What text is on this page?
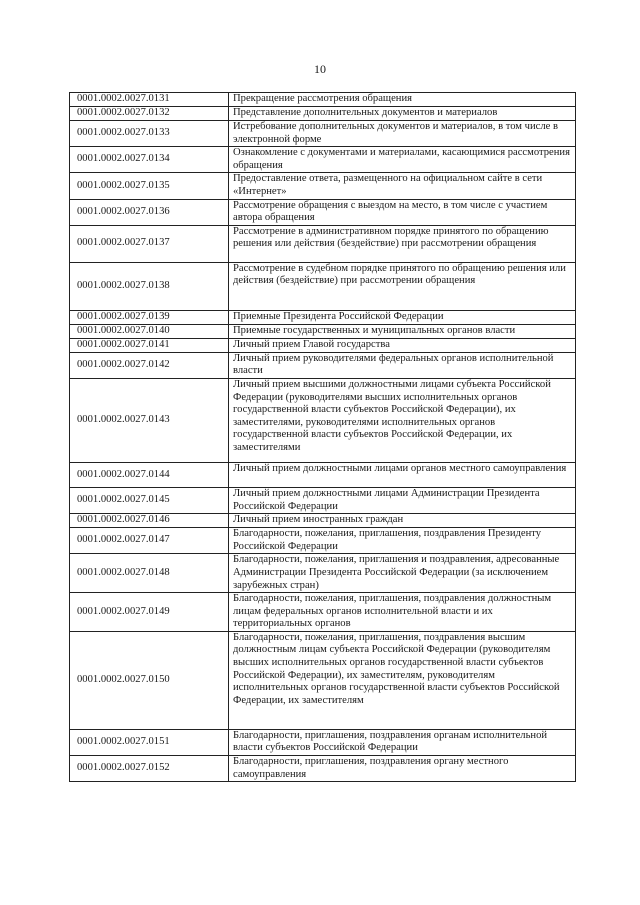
10
0001.0002.0027.0131	Прекращение рассмотрения обращения
0001.0002.0027.0132	Представление дополнительных документов и материалов
0001.0002.0027.0133	Истребование дополнительных документов и материалов, в том числе в электронной форме
0001.0002.0027.0134	Ознакомление с документами и материалами, касающимися рассмотрения обращения
0001.0002.0027.0135	Предоставление ответа, размещенного на официальном сайте в сети «Интернет»
0001.0002.0027.0136	Рассмотрение обращения с выездом на место, в том числе с участием автора обращения
0001.0002.0027.0137	Рассмотрение в административном порядке принятого по обращению решения или действия (бездействие) при рассмотрении обращения
0001.0002.0027.0138	Рассмотрение в судебном порядке принятого по обращению решения или действия (бездействие) при рассмотрении обращения
0001.0002.0027.0139	Приемные Президента Российской Федерации
0001.0002.0027.0140	Приемные государственных и муниципальных органов власти
0001.0002.0027.0141	Личный прием Главой государства
0001.0002.0027.0142	Личный прием руководителями федеральных органов исполнительной власти
0001.0002.0027.0143	Личный прием высшими должностными лицами субъекта Российской Федерации (руководителями высших исполнительных органов государственной власти субъектов Российской Федерации), их заместителями, руководителями исполнительных органов государственной власти субъектов Российской Федерации, их заместителями
0001.0002.0027.0144	Личный прием должностными лицами органов местного самоуправления
0001.0002.0027.0145	Личный прием должностными лицами Администрации Президента Российской Федерации
0001.0002.0027.0146	Личный прием иностранных граждан
0001.0002.0027.0147	Благодарности, пожелания, приглашения, поздравления Президенту Российской Федерации
0001.0002.0027.0148	Благодарности, пожелания, приглашения и поздравления, адресованные Администрации Президента Российской Федерации (за исключением зарубежных стран)
0001.0002.0027.0149	Благодарности, пожелания, приглашения, поздравления должностным лицам федеральных органов исполнительной власти и их территориальных органов
0001.0002.0027.0150	Благодарности, пожелания, приглашения, поздравления высшим должностным лицам субъекта Российской Федерации (руководителям высших исполнительных органов государственной власти субъектов Российской Федерации), их заместителям, руководителям исполнительных органов государственной власти субъектов Российской Федерации, их заместителям
0001.0002.0027.0151	Благодарности, приглашения, поздравления органам исполнительной власти субъектов Российской Федерации
0001.0002.0027.0152	Благодарности, приглашения, поздравления органу местного самоуправления
